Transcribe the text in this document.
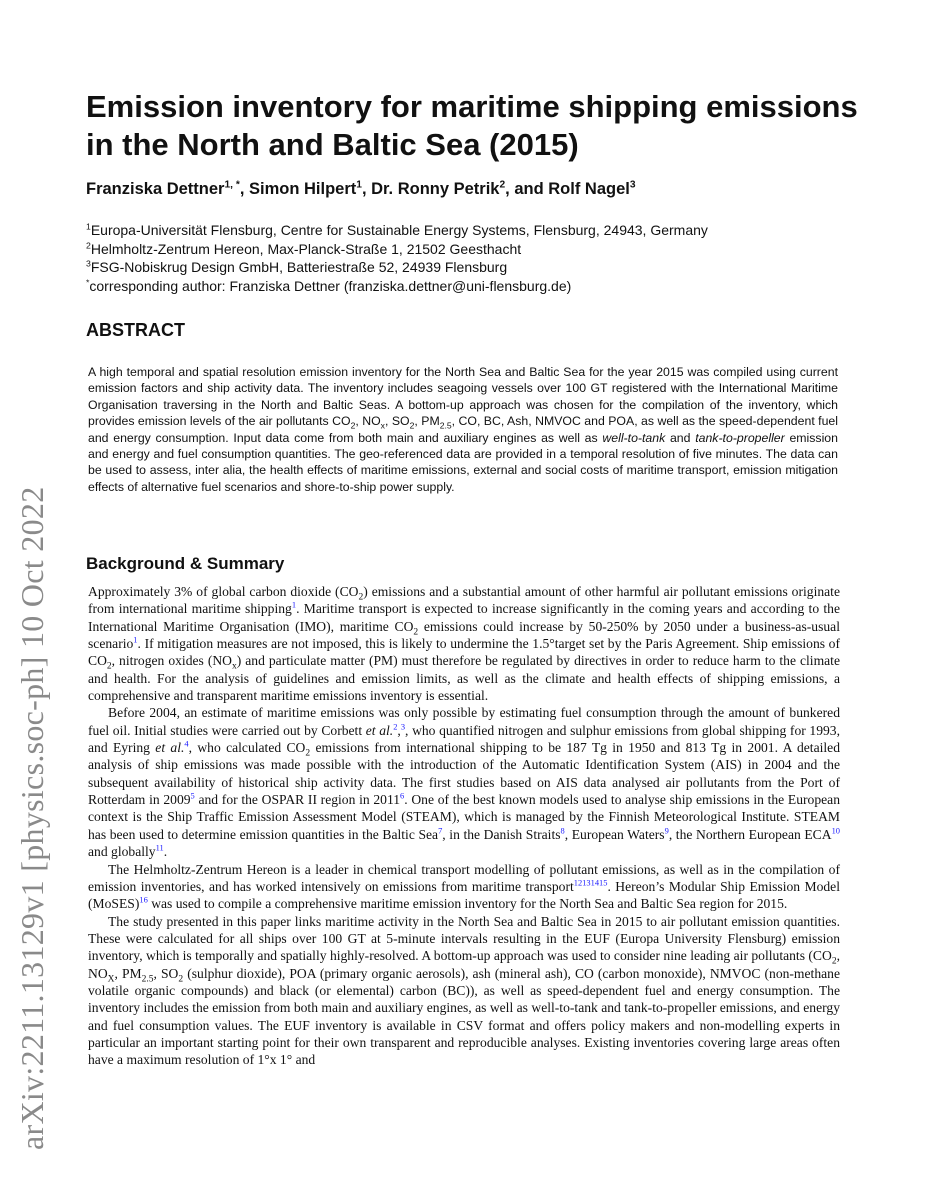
arXiv:2211.13129v1 [physics.soc-ph] 10 Oct 2022
Emission inventory for maritime shipping emissions in the North and Baltic Sea (2015)
Franziska Dettner$^{1, *}$, Simon Hilpert$^1$, Dr. Ronny Petrik$^2$, and Rolf Nagel$^3$
$^1$Europa-Universität Flensburg, Centre for Sustainable Energy Systems, Flensburg, 24943, Germany
$^2$Helmholtz-Zentrum Hereon, Max-Planck-Straße 1, 21502 Geesthacht
$^3$FSG-Nobiskrug Design GmbH, Batteriestraße 52, 24939 Flensburg
*corresponding author: Franziska Dettner (franziska.dettner@uni-flensburg.de)
ABSTRACT

A high temporal and spatial resolution emission inventory for the North Sea and Baltic Sea for the year 2015 was compiled using current emission factors and ship activity data. The inventory includes seagoing vessels over 100 GT registered with the International Maritime Organisation traversing in the North and Baltic Seas. A bottom-up approach was chosen for the compilation of the inventory, which provides emission levels of the air pollutants $CO_2$, $NO_x$, $SO_2$, $PM_{2.5}$, CO, BC, Ash, NMVOC and POA, as well as the speed-dependent fuel and energy consumption. Input data come from both main and auxiliary engines as well as well-to-tank and tank-to-propeller emission and energy and fuel consumption quantities. The geo-referenced data are provided in a temporal resolution of five minutes. The data can be used to assess, inter alia, the health effects of maritime emissions, external and social costs of maritime transport, emission mitigation effects of alternative fuel scenarios and shore-to-ship power supply.

Background & Summary

Approximately 3% of global carbon dioxide $(CO_2)$ emissions and a substantial amount of other harmful air pollutant emissions originate from international maritime shipping$^1$. Maritime transport is expected to increase significantly in the coming years and according to the International Maritime Organisation (IMO), maritime $CO_2$ emissions could increase by 50-250% by 2050 under a business-as-usual scenario$^1$. If mitigation measures are not imposed, this is likely to undermine the 1.5°target set by the Paris Agreement. Ship emissions of $CO_2$, nitrogen oxides $(NO_x)$ and particulate matter (PM) must therefore be regulated by directives in order to reduce harm to the climate and health. For the analysis of guidelines and emission limits, as well as the climate and health effects of shipping emissions, a comprehensive and transparent maritime emissions inventory is essential.

Before 2004, an estimate of maritime emissions was only possible by estimating fuel consumption through the amount of bunkered fuel oil. Initial studies were carried out by Corbett et al.$^2$,$^3$, who quantified nitrogen and sulphur emissions from global shipping for 1993, and Eyring et al.$^4$, who calculated $CO_2$ emissions from international shipping to be 187 Tg in 1950 and 813 Tg in 2001. A detailed analysis of ship emissions was made possible with the introduction of the Automatic Identification System (AIS) in 2004 and the subsequent availability of historical ship activity data. The first studies based on AIS data analysed air pollutants from the Port of Rotterdam in 2009$^5$ and for the OSPAR II region in 2011$^6$. One of the best known models used to analyse ship emissions in the European context is the Ship Traffic Emission Assessment Model (STEAM), which is managed by the Finnish Meteorological Institute. STEAM has been used to determine emission quantities in the Baltic Sea$^7$, in the Danish Straits$^8$, European Waters$^9$, the Northern European ECA$^{10}$ and globally$^{11}$.

The Helmholtz-Zentrum Hereon is a leader in chemical transport modelling of pollutant emissions, as well as in the compilation of emission inventories, and has worked intensively on emissions from maritime transport$^{12131415}$. Hereon’s Modular Ship Emission Model (MoSES)$^{16}$ was used to compile a comprehensive maritime emission inventory for the North Sea and Baltic Sea region for 2015.

The study presented in this paper links maritime activity in the North Sea and Baltic Sea in 2015 to air pollutant emission quantities. These were calculated for all ships over 100 GT at 5-minute intervals resulting in the EUF (Europa University Flensburg) emission inventory, which is temporally and spatially highly-resolved. A bottom-up approach was used to consider nine leading air pollutants ($CO_2$, $NO_X$, $PM_{2.5}$, $SO_2$ (sulphur dioxide), POA (primary organic aerosols), ash (mineral ash), CO (carbon monoxide), NMVOC (non-methane volatile organic compounds) and black (or elemental) carbon (BC)), as well as speed-dependent fuel and energy consumption. The inventory includes the emission from both main and auxiliary engines, as well as well-to-tank and tank-to-propeller emissions, and energy and fuel consumption values. The EUF inventory is available in CSV format and offers policy makers and non-modelling experts in particular an important starting point for their own transparent and reproducible analyses. Existing inventories covering large areas often have a maximum resolution of 1°x 1° and
